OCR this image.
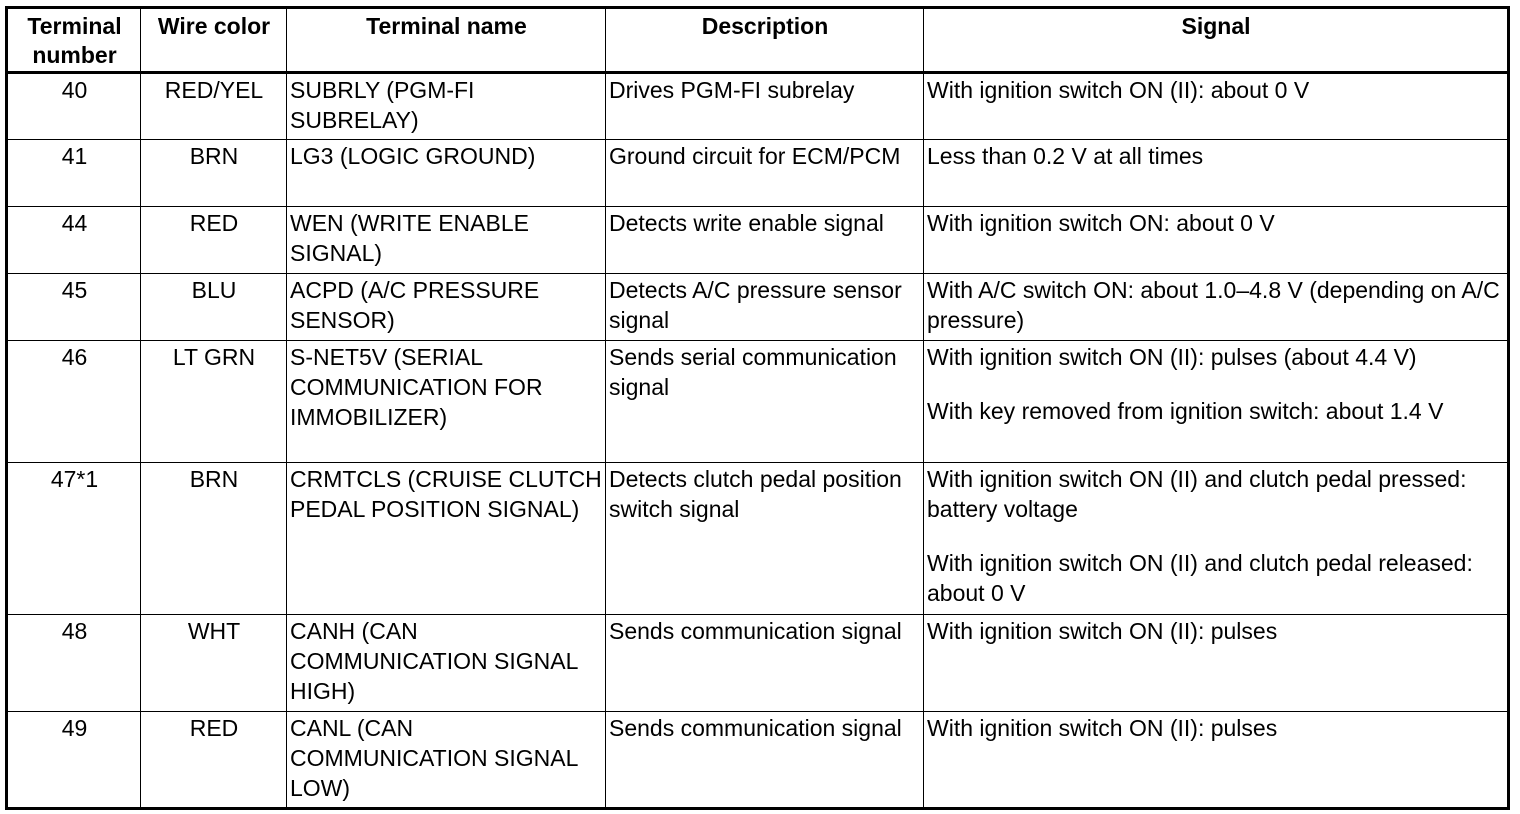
Terminal number	Wire color	Terminal name	Description	Signal
40	RED/YEL	SUBRLY (PGM-FI SUBRELAY)	Drives PGM-FI subrelay	With ignition switch ON (II): about 0 V

41	BRN	LG3 (LOGIC GROUND)	Ground circuit for ECM/PCM	Less than 0.2 V at all times

44	RED	WEN (WRITE ENABLE SIGNAL)	Detects write enable signal	With ignition switch ON: about 0 V

45	BLU	ACPD (A/C PRESSURE SENSOR)	Detects A/C pressure sensor signal	With A/C switch ON: about 1.0–4.8 V (depending on A/C pressure)

46	LT GRN	S-NET5V (SERIAL COMMUNICATION FOR IMMOBILIZER)	Sends serial communication signal	With ignition switch ON (II): pulses (about 4.4 V)
With key removed from ignition switch: about 1.4 V

47*1	BRN	CRMTCLS (CRUISE CLUTCH PEDAL POSITION SIGNAL)	Detects clutch pedal position switch signal	With ignition switch ON (II) and clutch pedal pressed: battery voltage
With ignition switch ON (II) and clutch pedal released: about 0 V

48	WHT	CANH (CAN COMMUNICATION SIGNAL HIGH)	Sends communication signal	With ignition switch ON (II): pulses

49	RED	CANL (CAN COMMUNICATION SIGNAL LOW)	Sends communication signal	With ignition switch ON (II): pulses
